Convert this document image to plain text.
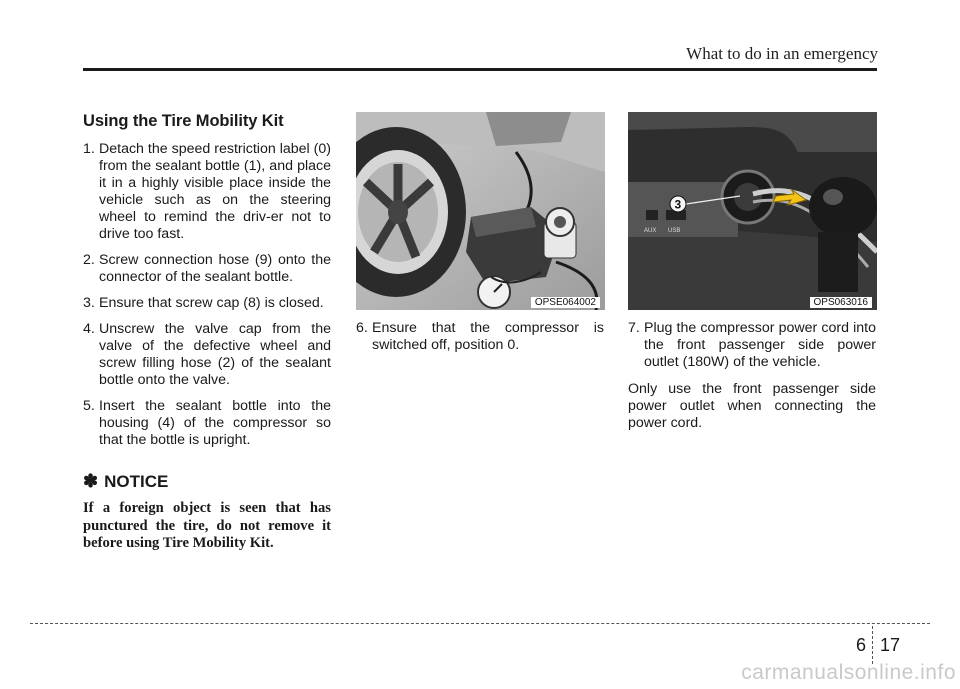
What to do in an emergency
Using the Tire Mobility Kit
1. Detach the speed restriction label (0) from the sealant bottle (1), and place it in a highly visible place inside the vehicle such as on the steering wheel to remind the driv-er not to drive too fast.
2. Screw connection hose (9) onto the connector of the sealant bottle.
3. Ensure that screw cap (8) is closed.
4. Unscrew the valve cap from the valve of the defective wheel and screw filling hose (2) of the sealant bottle onto the valve.
5. Insert the sealant bottle into the housing (4) of the compressor so that the bottle is upright.
✽ NOTICE
If a foreign object is seen that has punctured the tire, do not remove it before using Tire Mobility Kit.
OPSE064002
6. Ensure that the compressor is switched off, position 0.
AUX USB
3
OPS063016
7. Plug the compressor power cord into the front passenger side power outlet (180W) of the vehicle.
Only use the front passenger side power outlet when connecting the power cord.
6 17
carmanualsonline.info
